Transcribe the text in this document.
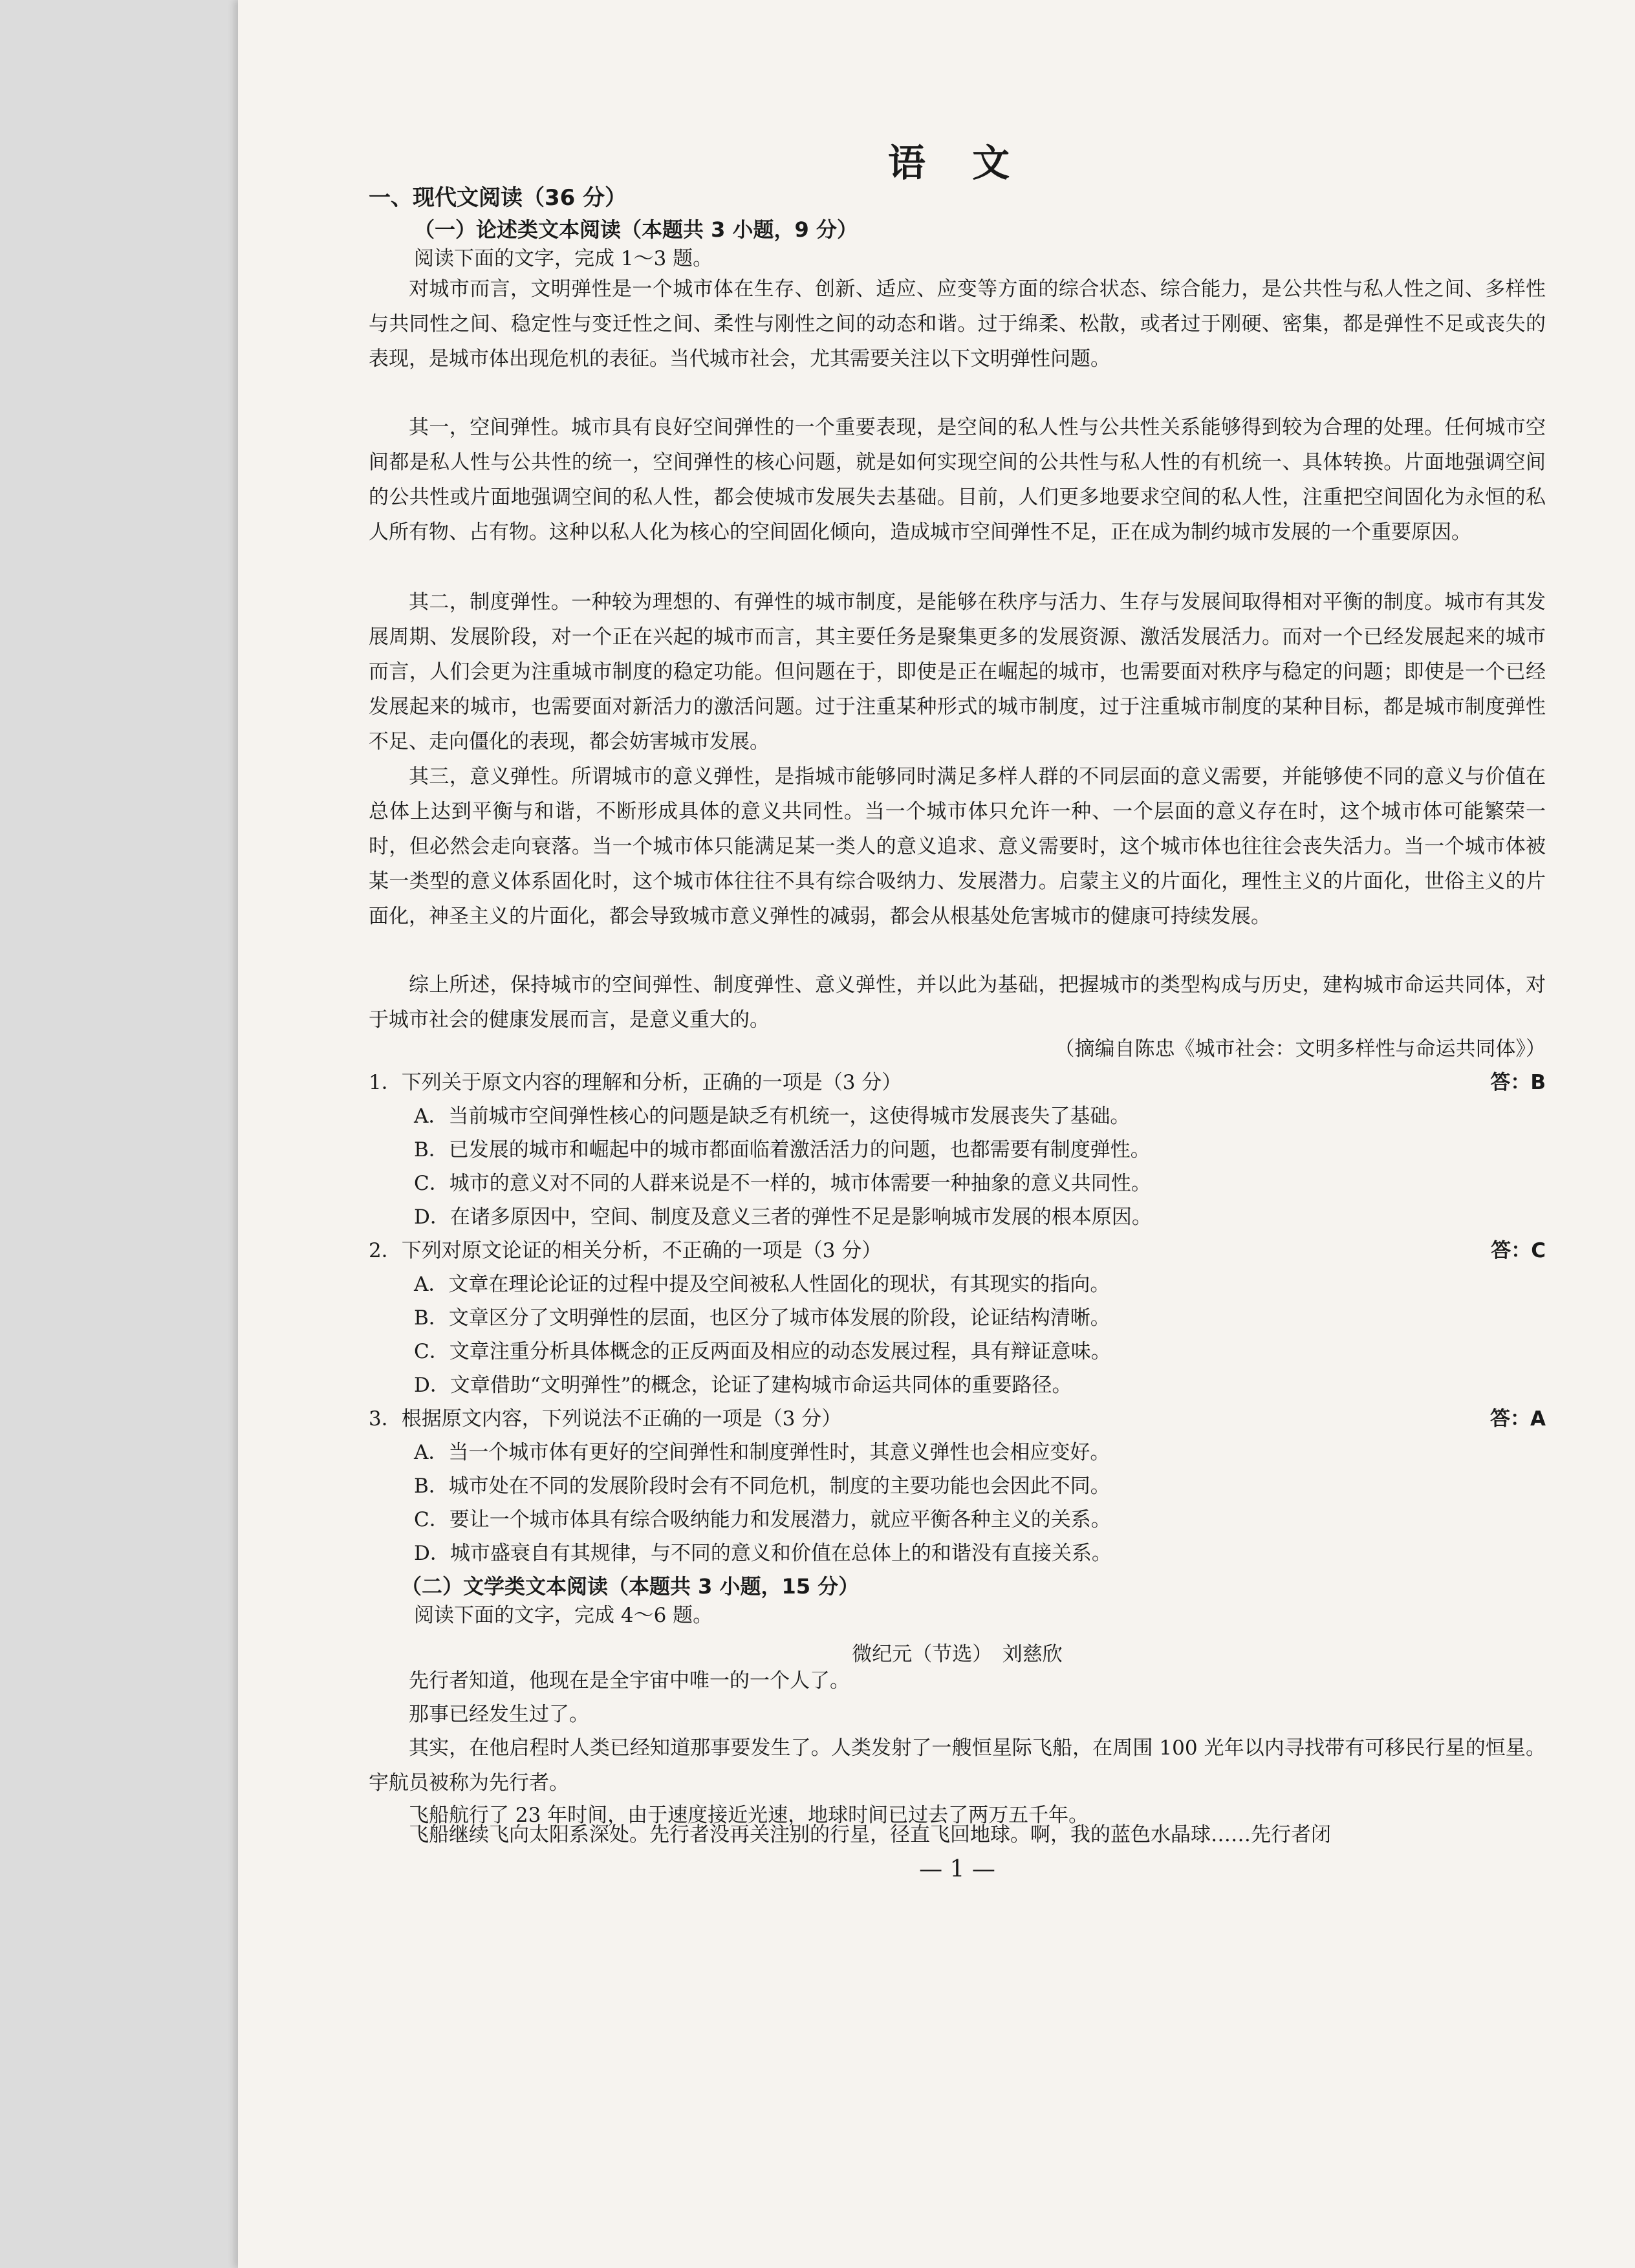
语 文
一、现代文阅读（36 分）
（一）论述类文本阅读（本题共 3 小题，9 分）
阅读下面的文字，完成 1～3 题。
对城市而言，文明弹性是一个城市体在生存、创新、适应、应变等方面的综合状态、综合能力，是公共性与私人性之间、多样性与共同性之间、稳定性与变迁性之间、柔性与刚性之间的动态和谐。过于绵柔、松散，或者过于刚硬、密集，都是弹性不足或丧失的表现，是城市体出现危机的表征。当代城市社会，尤其需要关注以下文明弹性问题。
其一，空间弹性。城市具有良好空间弹性的一个重要表现，是空间的私人性与公共性关系能够得到较为合理的处理。任何城市空间都是私人性与公共性的统一，空间弹性的核心问题，就是如何实现空间的公共性与私人性的有机统一、具体转换。片面地强调空间的公共性或片面地强调空间的私人性，都会使城市发展失去基础。目前，人们更多地要求空间的私人性，注重把空间固化为永恒的私人所有物、占有物。这种以私人化为核心的空间固化倾向，造成城市空间弹性不足，正在成为制约城市发展的一个重要原因。
其二，制度弹性。一种较为理想的、有弹性的城市制度，是能够在秩序与活力、生存与发展间取得相对平衡的制度。城市有其发展周期、发展阶段，对一个正在兴起的城市而言，其主要任务是聚集更多的发展资源、激活发展活力。而对一个已经发展起来的城市而言，人们会更为注重城市制度的稳定功能。但问题在于，即使是正在崛起的城市，也需要面对秩序与稳定的问题；即使是一个已经发展起来的城市，也需要面对新活力的激活问题。过于注重某种形式的城市制度，过于注重城市制度的某种目标，都是城市制度弹性不足、走向僵化的表现，都会妨害城市发展。
其三，意义弹性。所谓城市的意义弹性，是指城市能够同时满足多样人群的不同层面的意义需要，并能够使不同的意义与价值在总体上达到平衡与和谐，不断形成具体的意义共同性。当一个城市体只允许一种、一个层面的意义存在时，这个城市体可能繁荣一时，但必然会走向衰落。当一个城市体只能满足某一类人的意义追求、意义需要时，这个城市体也往往会丧失活力。当一个城市体被某一类型的意义体系固化时，这个城市体往往不具有综合吸纳力、发展潜力。启蒙主义的片面化，理性主义的片面化，世俗主义的片面化，神圣主义的片面化，都会导致城市意义弹性的减弱，都会从根基处危害城市的健康可持续发展。
综上所述，保持城市的空间弹性、制度弹性、意义弹性，并以此为基础，把握城市的类型构成与历史，建构城市命运共同体，对于城市社会的健康发展而言，是意义重大的。
（摘编自陈忠《城市社会：文明多样性与命运共同体》）
1．下列关于原文内容的理解和分析，正确的一项是（3 分）	答：B
A．当前城市空间弹性核心的问题是缺乏有机统一，这使得城市发展丧失了基础。
B．已发展的城市和崛起中的城市都面临着激活活力的问题，也都需要有制度弹性。
C．城市的意义对不同的人群来说是不一样的，城市体需要一种抽象的意义共同性。
D．在诸多原因中，空间、制度及意义三者的弹性不足是影响城市发展的根本原因。
2．下列对原文论证的相关分析，不正确的一项是（3 分）	答：C
A．文章在理论论证的过程中提及空间被私人性固化的现状，有其现实的指向。
B．文章区分了文明弹性的层面，也区分了城市体发展的阶段，论证结构清晰。
C．文章注重分析具体概念的正反两面及相应的动态发展过程，具有辩证意味。
D．文章借助“文明弹性”的概念，论证了建构城市命运共同体的重要路径。
3．根据原文内容，下列说法不正确的一项是（3 分）	答：A
A．当一个城市体有更好的空间弹性和制度弹性时，其意义弹性也会相应变好。
B．城市处在不同的发展阶段时会有不同危机，制度的主要功能也会因此不同。
C．要让一个城市体具有综合吸纳能力和发展潜力，就应平衡各种主义的关系。
D．城市盛衰自有其规律，与不同的意义和价值在总体上的和谐没有直接关系。
（二）文学类文本阅读（本题共 3 小题，15 分）
阅读下面的文字，完成 4～6 题。
微纪元（节选）　刘慈欣
先行者知道，他现在是全宇宙中唯一的一个人了。
那事已经发生过了。
其实，在他启程时人类已经知道那事要发生了。人类发射了一艘恒星际飞船，在周围 100 光年以内寻找带有可移民行星的恒星。宇航员被称为先行者。
飞船航行了 23 年时间，由于速度接近光速，地球时间已过去了两万五千年。
飞船继续飞向太阳系深处。先行者没再关注别的行星，径直飞回地球。啊，我的蓝色水晶球……先行者闭
— 1 —
